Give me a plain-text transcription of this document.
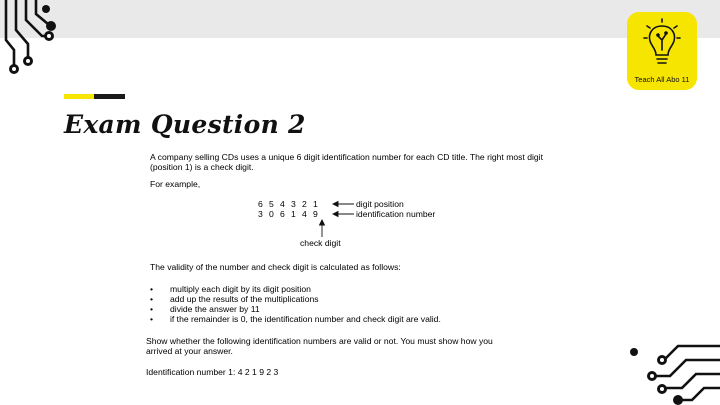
Teach All Abo 11
Exam Question 2

A company selling CDs uses a unique 6 digit identification number for each CD title. The right most digit (position 1) is a check digit.

For example,

6 5 4 3 2 1
3 0 6 1 4 9
digit position
identification number
check digit
The validity of the number and check digit is calculated as follows:
• multiply each digit by its digit position
• add up the results of the multiplications
• divide the answer by 11
• if the remainder is 0, the identification number and check digit are valid.
Show whether the following identification numbers are valid or not. You must show how you arrived at your answer.
Identification number 1: 4 2 1 9 2 3
